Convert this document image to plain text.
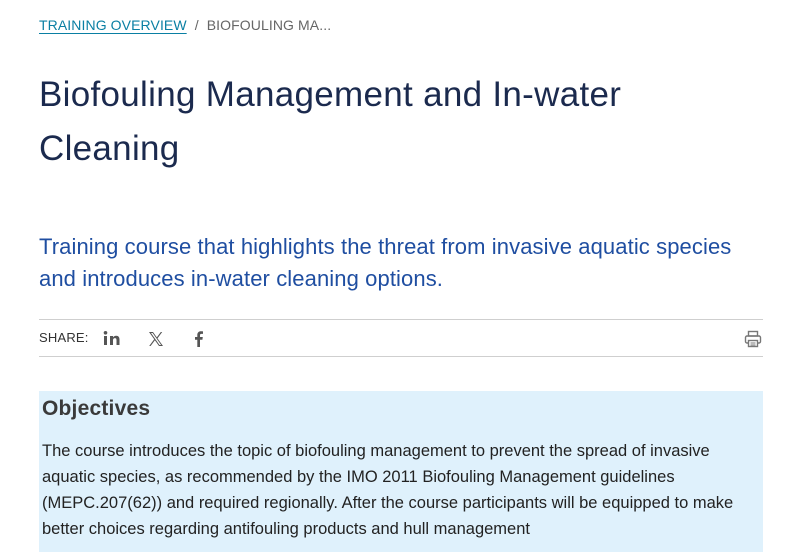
TRAINING OVERVIEW / BIOFOULING MA...
Biofouling Management and In-water Cleaning

Training course that highlights the threat from invasive aquatic species and introduces in-water cleaning options.

SHARE:
Objectives

The course introduces the topic of biofouling management to prevent the spread of invasive aquatic species, as recommended by the IMO 2011 Biofouling Management guidelines (MEPC.207(62)) and required regionally. After the course participants will be equipped to make better choices regarding antifouling products and hull management
